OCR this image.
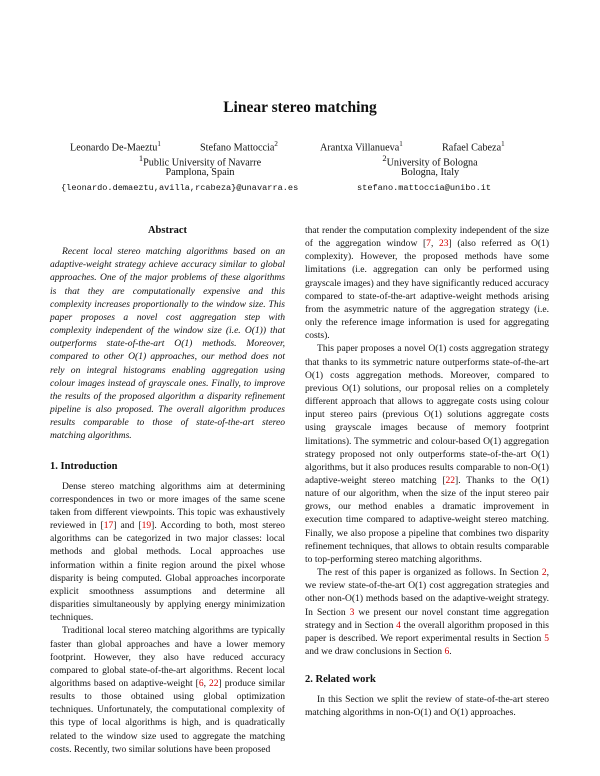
Linear stereo matching
Leonardo De-Maeztu$^1$	Stefano Mattoccia$^2$	Arantxa Villanueva$^1$	Rafael Cabeza$^1$
$^1$Public University of Navarre
Pamplona, Spain
$^2$University of Bologna
Bologna, Italy
{leonardo.demaeztu,avilla,rcabeza}@unavarra.es	stefano.mattoccia@unibo.it
Abstract

Recent local stereo matching algorithms based on an adaptive-weight strategy achieve accuracy similar to global approaches. One of the major problems of these algorithms is that they are computationally expensive and this complexity increases proportionally to the window size. This paper proposes a novel cost aggregation step with complexity independent of the window size (i.e. O(1)) that outperforms state-of-the-art O(1) methods. Moreover, compared to other O(1) approaches, our method does not rely on integral histograms enabling aggregation using colour images instead of grayscale ones. Finally, to improve the results of the proposed algorithm a disparity refinement pipeline is also proposed. The overall algorithm produces results comparable to those of state-of-the-art stereo matching algorithms.

1. Introduction

Dense stereo matching algorithms aim at determining correspondences in two or more images of the same scene taken from different viewpoints. This topic was exhaustively reviewed in [17] and [19]. According to both, most stereo algorithms can be categorized in two major classes: local methods and global methods. Local approaches use information within a finite region around the pixel whose disparity is being computed. Global approaches incorporate explicit smoothness assumptions and determine all disparities simultaneously by applying energy minimization techniques.

Traditional local stereo matching algorithms are typically faster than global approaches and have a lower memory footprint. However, they also have reduced accuracy compared to global state-of-the-art algorithms. Recent local algorithms based on adaptive-weight [6, 22] produce similar results to those obtained using global optimization techniques. Unfortunately, the computational complexity of this type of local algorithms is high, and is quadratically related to the window size used to aggregate the matching costs. Recently, two similar solutions have been proposed

that render the computation complexity independent of the size of the aggregation window [7, 23] (also referred as O(1) complexity). However, the proposed methods have some limitations (i.e. aggregation can only be performed using grayscale images) and they have significantly reduced accuracy compared to state-of-the-art adaptive-weight methods arising from the asymmetric nature of the aggregation strategy (i.e. only the reference image information is used for aggregating costs).

This paper proposes a novel O(1) costs aggregation strategy that thanks to its symmetric nature outperforms state-of-the-art O(1) costs aggregation methods. Moreover, compared to previous O(1) solutions, our proposal relies on a completely different approach that allows to aggregate costs using colour input stereo pairs (previous O(1) solutions aggregate costs using grayscale images because of memory footprint limitations). The symmetric and colour-based O(1) aggregation strategy proposed not only outperforms state-of-the-art O(1) algorithms, but it also produces results comparable to non-O(1) adaptive-weight stereo matching [22]. Thanks to the O(1) nature of our algorithm, when the size of the input stereo pair grows, our method enables a dramatic improvement in execution time compared to adaptive-weight stereo matching. Finally, we also propose a pipeline that combines two disparity refinement techniques, that allows to obtain results comparable to top-performing stereo matching algorithms.

The rest of this paper is organized as follows. In Section 2, we review state-of-the-art O(1) cost aggregation strategies and other non-O(1) methods based on the adaptive-weight strategy. In Section 3 we present our novel constant time aggregation strategy and in Section 4 the overall algorithm proposed in this paper is described. We report experimental results in Section 5 and we draw conclusions in Section 6.

2. Related work

In this Section we split the review of state-of-the-art stereo matching algorithms in non-O(1) and O(1) approaches.
